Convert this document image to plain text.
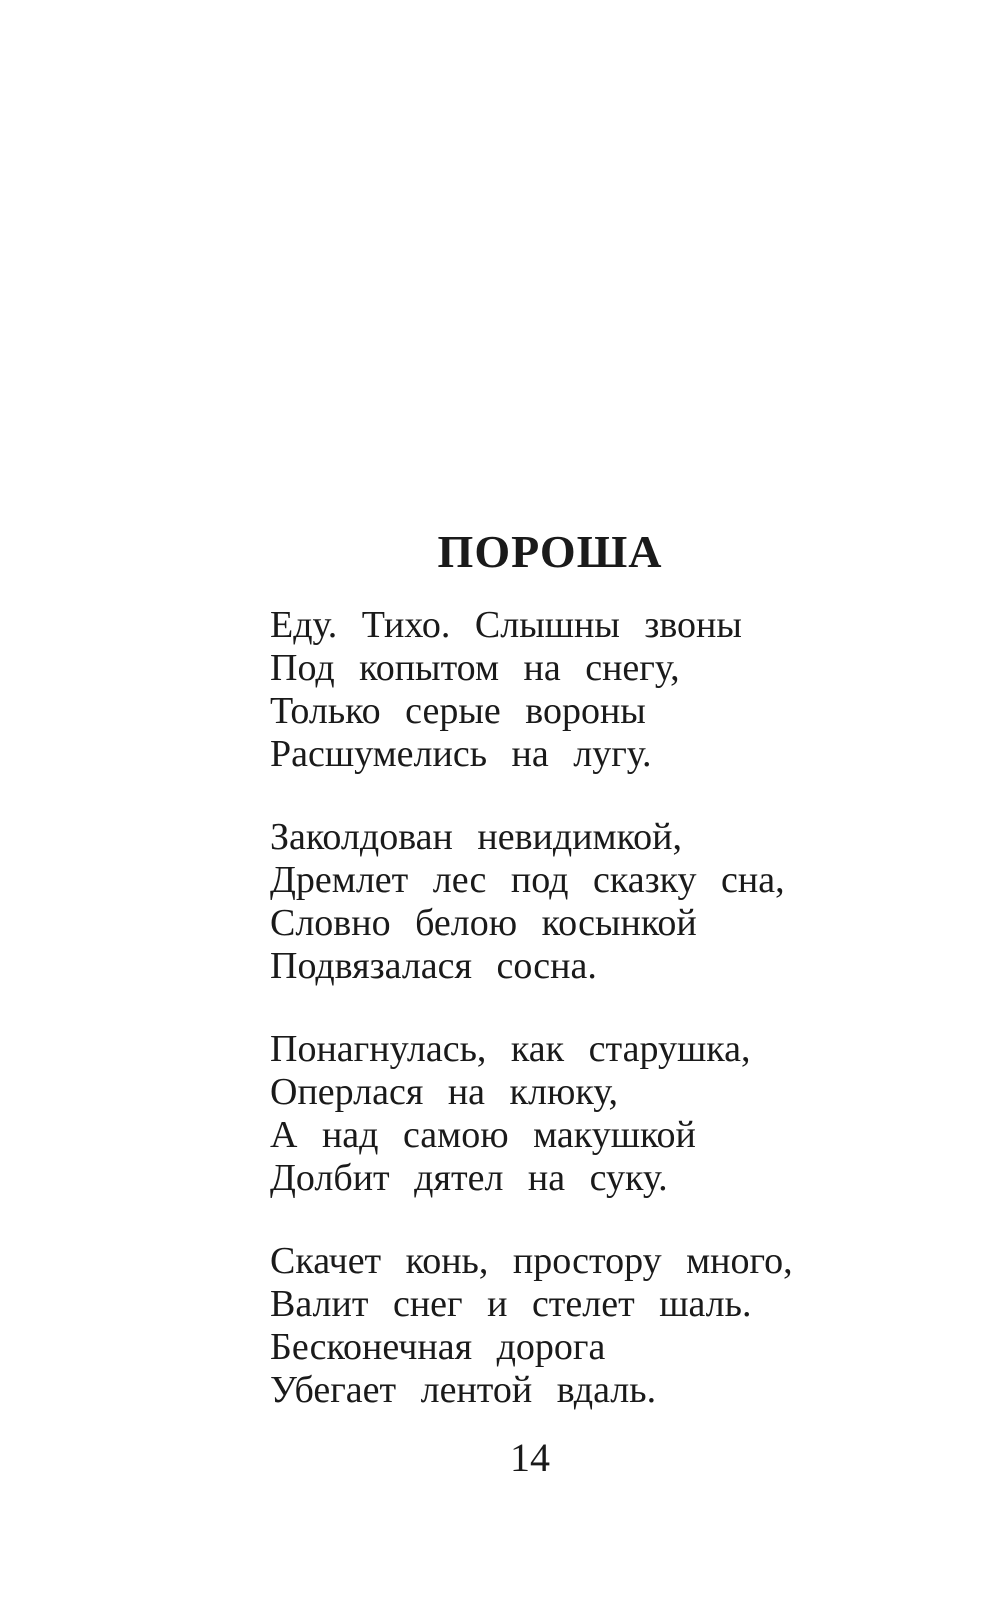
ПОРОША
Еду. Тихо. Слышны звоны
Под копытом на снегу,
Только серые вороны
Расшумелись на лугу.
Заколдован невидимкой,
Дремлет лес под сказку сна,
Словно белою косынкой
Подвязалася сосна.
Понагнулась, как старушка,
Оперлася на клюку,
А над самою макушкой
Долбит дятел на суку.
Скачет конь, простору много,
Валит снег и стелет шаль.
Бесконечная дорога
Убегает лентой вдаль.
14
